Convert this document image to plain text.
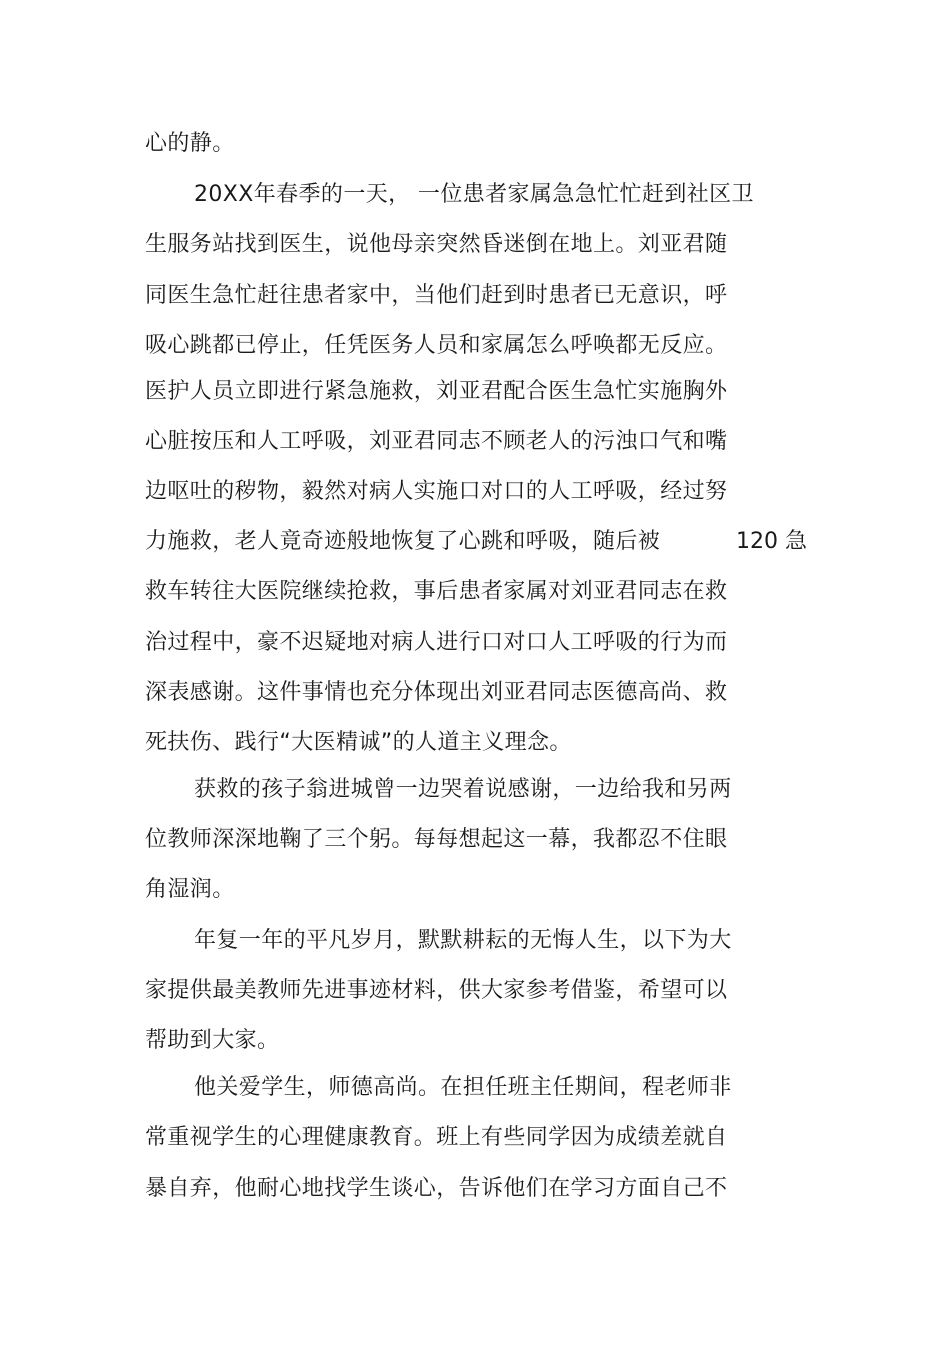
心的静。
20XX年春季的一天， 一位患者家属急急忙忙赶到社区卫
生服务站找到医生，说他母亲突然昏迷倒在地上。刘亚君随
同医生急忙赶往患者家中，当他们赶到时患者已无意识，呼
吸心跳都已停止，任凭医务人员和家属怎么呼唤都无反应。
医护人员立即进行紧急施救，刘亚君配合医生急忙实施胸外
心脏按压和人工呼吸，刘亚君同志不顾老人的污浊口气和嘴
边呕吐的秽物，毅然对病人实施口对口的人工呼吸，经过努
力施救，老人竟奇迹般地恢复了心跳和呼吸，随后被	120 急
救车转往大医院继续抢救，事后患者家属对刘亚君同志在救
治过程中，豪不迟疑地对病人进行口对口人工呼吸的行为而
深表感谢。这件事情也充分体现出刘亚君同志医德高尚、救
死扶伤、践行“大医精诚”的人道主义理念。
获救的孩子翁进城曾一边哭着说感谢，一边给我和另两
位教师深深地鞠了三个躬。每每想起这一幕，我都忍不住眼
角湿润。
年复一年的平凡岁月，默默耕耘的无悔人生，以下为大
家提供最美教师先进事迹材料，供大家参考借鉴，希望可以
帮助到大家。
他关爱学生，师德高尚。在担任班主任期间，程老师非
常重视学生的心理健康教育。班上有些同学因为成绩差就自
暴自弃，他耐心地找学生谈心，告诉他们在学习方面自己不
